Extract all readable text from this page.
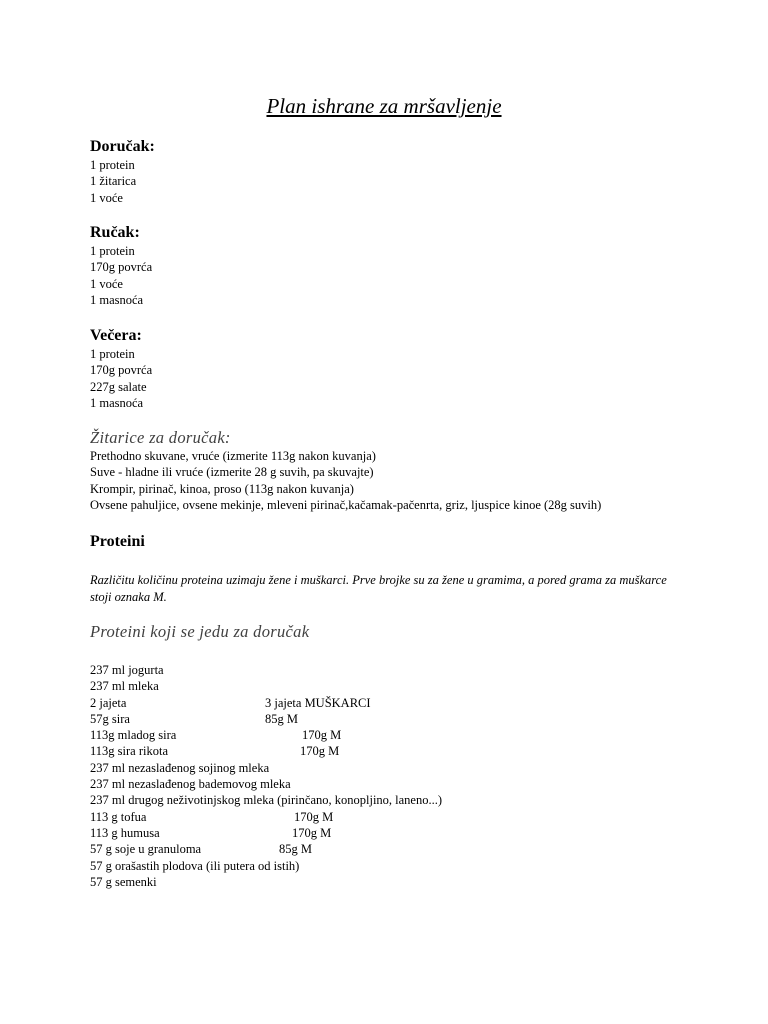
Plan ishrane za mršavljenje
Doručak:
1 protein
1 žitarica
1 voće
Ručak:
1 protein
170g povrća
1 voće
1 masnoća
Večera:
1 protein
170g povrća
227g salate
1 masnoća
Žitarice za doručak:
Prethodno skuvane, vruće (izmerite 113g nakon kuvanja)
Suve - hladne ili vruće (izmerite 28 g suvih, pa skuvajte)
Krompir, pirinač, kinoa, proso (113g nakon kuvanja)
Ovsene pahuljice, ovsene mekinje, mleveni pirinač,kačamak-pačenrta, griz, ljuspice kinoe (28g suvih)
Proteini
Različitu količinu proteina uzimaju žene i muškarci. Prve brojke su za žene u gramima, a pored grama za muškarce stoji oznaka M.
Proteini koji se jedu za doručak
237 ml jogurta
237 ml mleka
2 jajeta	3 jajeta MUŠKARCI
57g sira	85g M
113g mladog sira	170g M
113g sira rikota	170g M
237 ml nezaslađenog sojinog mleka
237 ml nezaslađenog bademovog mleka
237 ml drugog neživotinjskog mleka (pirinčano, konopljino, laneno...)
113 g tofua	170g M
113 g humusa	170g M
57 g soje u granuloma	85g M
57 g orašastih plodova (ili putera od istih)
57 g semenki
